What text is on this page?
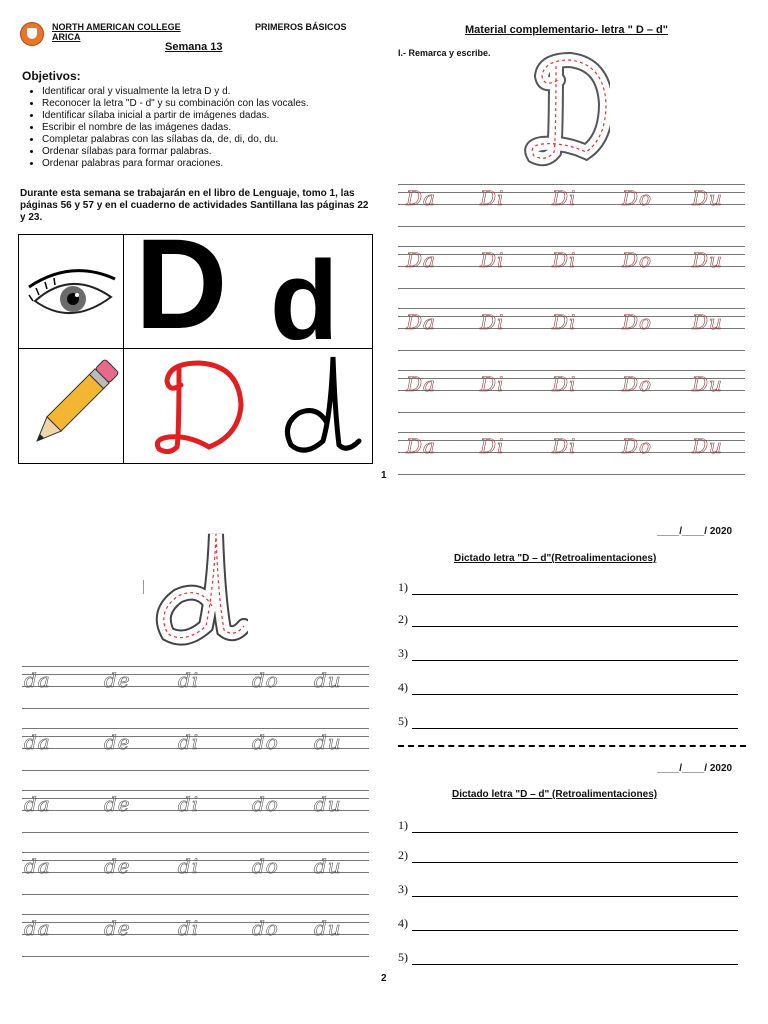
NORTH AMERICAN COLLEGE
ARICA
PRIMEROS BÁSICOS
Semana 13
Objetivos:
• Identificar oral y visualmente la letra D y d.
• Reconocer la letra "D - d" y su combinación con las vocales.
• Identificar sílaba inicial a partir de imágenes dadas.
• Escribir el nombre de las imágenes dadas.
• Completar palabras con las sílabas da, de, di, do, du.
• Ordenar sílabas para formar palabras.
• Ordenar palabras para formar oraciones.
Durante esta semana se trabajarán en el libro de Lenguaje, tomo 1, las páginas 56 y 57 y en el cuaderno de actividades Santillana las páginas 22 y 23. D d
Material complementario- letra " D – d"
I.- Remarca y escribe.
Da Di Di Do Du
Da Di Di Do Du
Da Di Di Do Du
Da Di Di Do Du
Da Di Di Do Du
1
da	de di	do du
da	de di	do du
da	de di	do du
da	de di	do du
da	de di	do du
2
____/____/ 2020
Dictado letra "D – d"(Retroalimentaciones)
1)
2)
3)
4)
5)
____/____/ 2020
Dictado letra "D – d" (Retroalimentaciones)
1)
2)
3)
4)
5)
